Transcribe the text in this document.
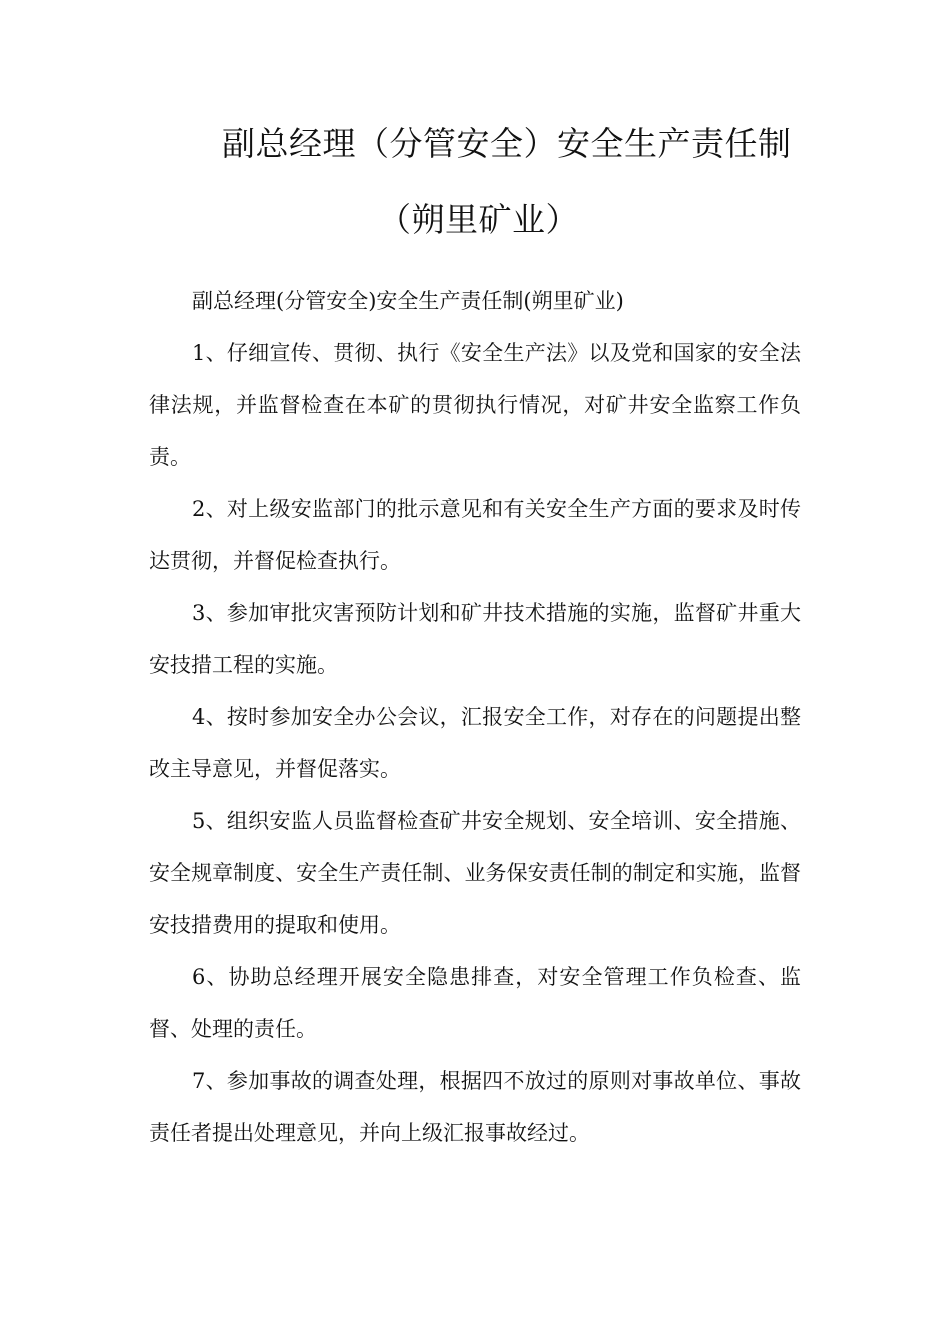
副总经理（分管安全）安全生产责任制
（朔里矿业）

副总经理(分管安全)安全生产责任制(朔里矿业)

1、仔细宣传、贯彻、执行《安全生产法》以及党和国家的安全法律法规，并监督检查在本矿的贯彻执行情况，对矿井安全监察工作负责。

2、对上级安监部门的批示意见和有关安全生产方面的要求及时传达贯彻，并督促检查执行。

3、参加审批灾害预防计划和矿井技术措施的实施，监督矿井重大安技措工程的实施。

4、按时参加安全办公会议，汇报安全工作，对存在的问题提出整改主导意见，并督促落实。

5、组织安监人员监督检查矿井安全规划、安全培训、安全措施、安全规章制度、安全生产责任制、业务保安责任制的制定和实施，监督安技措费用的提取和使用。

6、协助总经理开展安全隐患排查，对安全管理工作负检查、监督、处理的责任。

7、参加事故的调查处理，根据四不放过的原则对事故单位、事故责任者提出处理意见，并向上级汇报事故经过。
